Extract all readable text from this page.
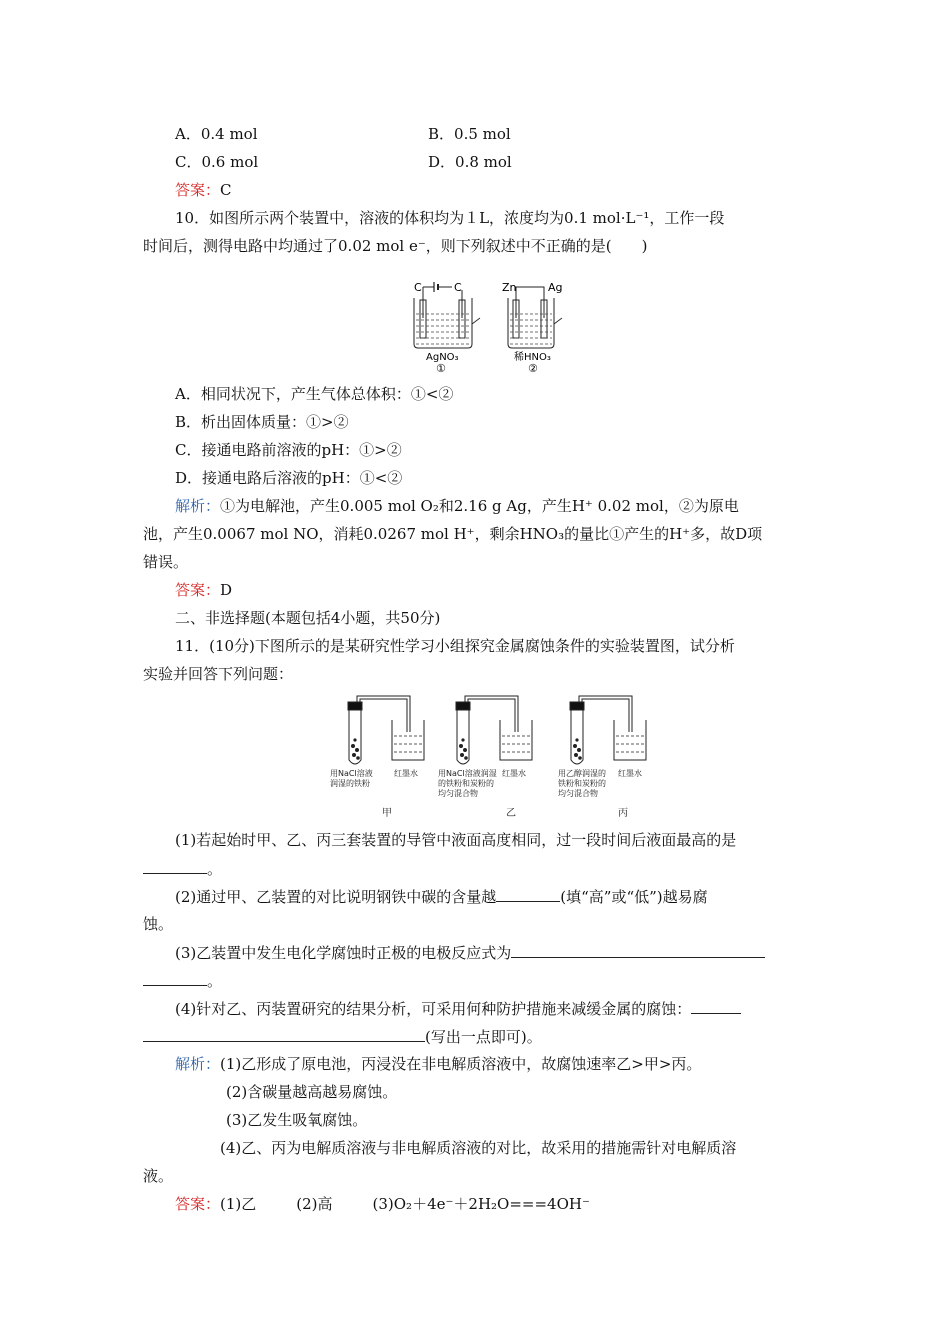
A．0.4 mol	B．0.5 mol
C．0.6 mol	D．0.8 mol
答案：C
10．如图所示两个装置中，溶液的体积均为１L，浓度均为0.1 mol·L⁻¹，工作一段
时间后，测得电路中均通过了0.02 mol e⁻，则下列叙述中不正确的是(　　)
C	C
AgNO₃
①
Zn	Ag
稀HNO₃
②
A．相同状况下，产生气体总体积：①<②
B．析出固体质量：①>②
C．接通电路前溶液的pH：①>②
D．接通电路后溶液的pH：①<②
解析：①为电解池，产生0.005 mol O₂和2.16 g Ag，产生H⁺ 0.02 mol，②为原电
池，产生0.0067 mol NO，消耗0.0267 mol H⁺，剩余HNO₃的量比①产生的H⁺多，故D项
错误。
答案：D
二、非选择题(本题包括4小题，共50分)
11．(10分)下图所示的是某研究性学习小组探究金属腐蚀条件的实验装置图，试分析
实验并回答下列问题：
用NaCl溶液
润湿的铁粉
红墨水	用NaCl溶液润湿
的铁粉和炭粉的
均匀混合物
红墨水	用乙醇润湿的
铁粉和炭粉的
均匀混合物
红墨水
甲	乙	丙
(1)若起始时甲、乙、丙三套装置的导管中液面高度相同，过一段时间后液面最高的是
。
(2)通过甲、乙装置的对比说明钢铁中碳的含量越	(填“高”或“低”)越易腐
蚀。
(3)乙装置中发生电化学腐蚀时正极的电极反应式为
。
(4)针对乙、丙装置研究的结果分析，可采用何种防护措施来减缓金属的腐蚀：
(写出一点即可)。
解析：(1)乙形成了原电池，丙浸没在非电解质溶液中，故腐蚀速率乙>甲>丙。
(2)含碳量越高越易腐蚀。
(3)乙发生吸氧腐蚀。
(4)乙、丙为电解质溶液与非电解质溶液的对比，故采用的措施需针对电解质溶
液。
答案：(1)乙	(2)高	(3)O₂＋4e⁻＋2H₂O===4OH⁻
